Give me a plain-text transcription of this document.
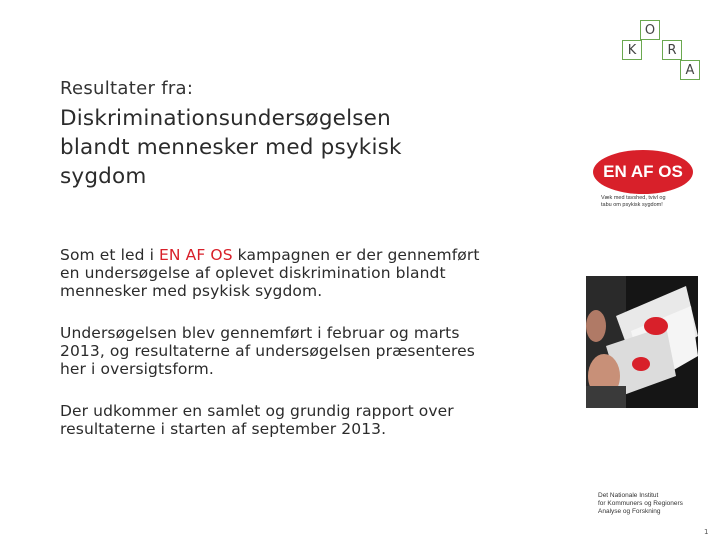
O
K	R
A
Resultater fra:
Diskriminationsundersøgelsen
blandt mennesker med psykisk
sygdom
Som et led i EN AF OS kampagnen er der gennemført
en undersøgelse af oplevet diskrimination blandt
mennesker med psykisk sygdom.
Undersøgelsen blev gennemført i februar og marts
2013, og resultaterne af undersøgelsen præsenteres
her i oversigtsform.
Der udkommer en samlet og grundig rapport over
resultaterne i starten af september 2013.
EN AF OS
Væk med tavshed, tvivl og
tabu om psykisk sygdom!
Det Nationale Institut
for Kommuners og Regioners
Analyse og Forskning
1
